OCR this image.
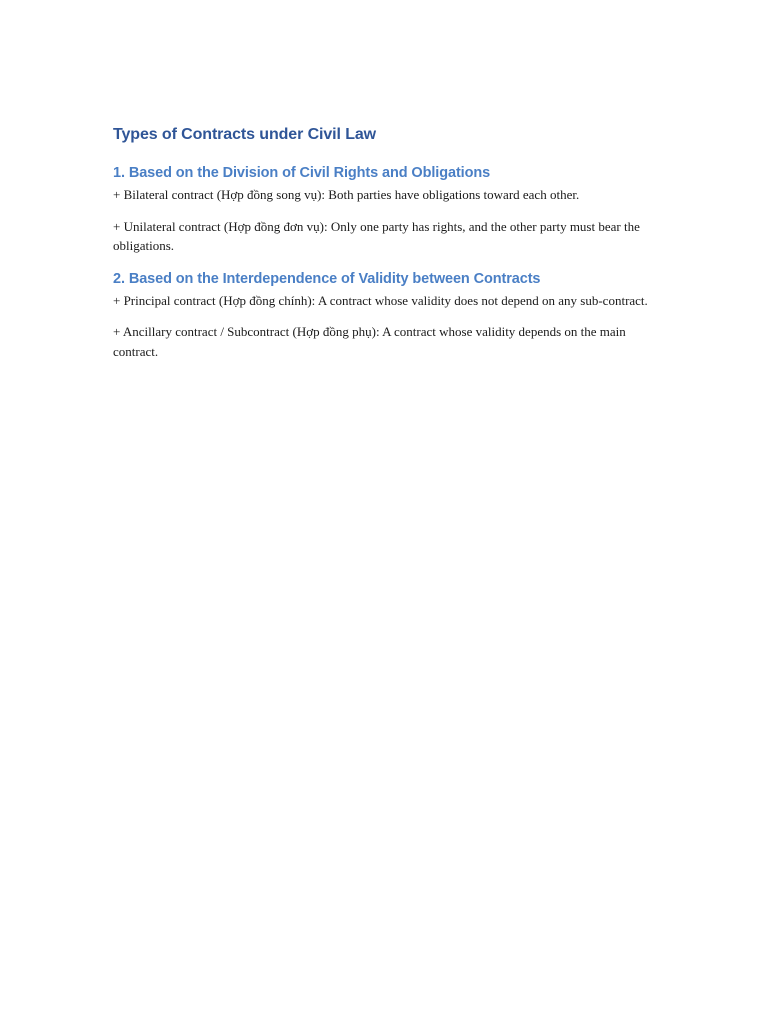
Types of Contracts under Civil Law
1. Based on the Division of Civil Rights and Obligations

+ Bilateral contract (Hợp đồng song vụ): Both parties have obligations toward each other.

+ Unilateral contract (Hợp đồng đơn vụ): Only one party has rights, and the other party must bear the obligations.

2. Based on the Interdependence of Validity between Contracts

+ Principal contract (Hợp đồng chính): A contract whose validity does not depend on any sub-contract.

+ Ancillary contract / Subcontract (Hợp đồng phụ): A contract whose validity depends on the main contract.
